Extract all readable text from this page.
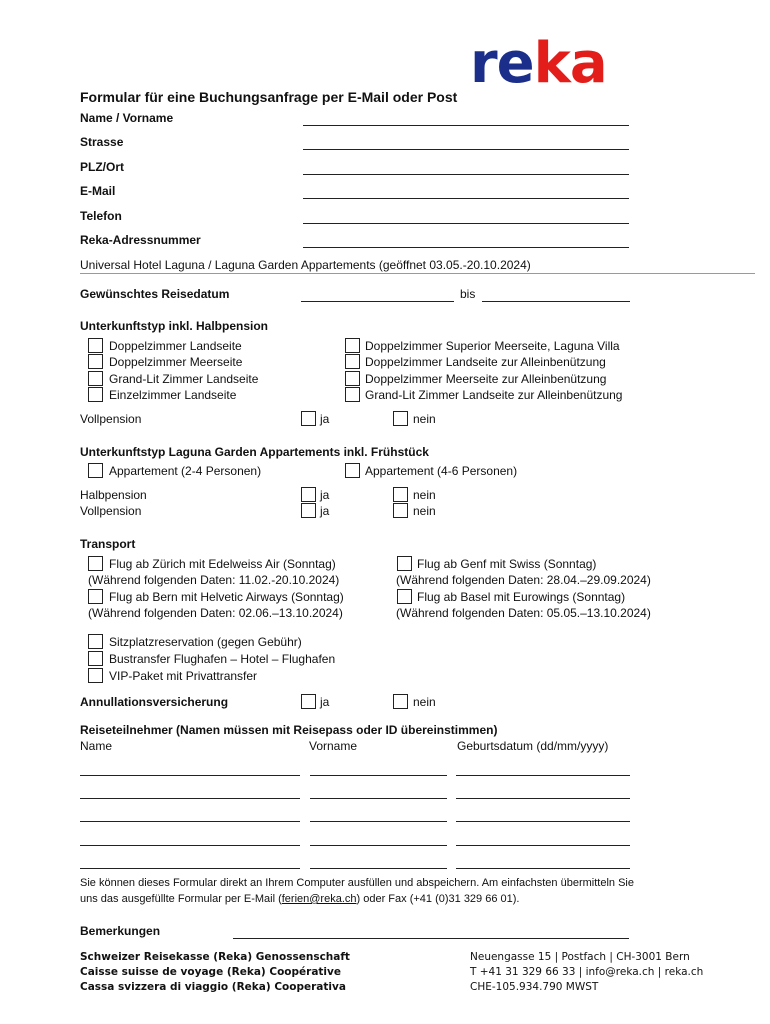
reka
Formular für eine Buchungsanfrage per E-Mail oder Post
Name / Vorname
Strasse
PLZ/Ort
E-Mail
Telefon
Reka-Adressnummer
Universal Hotel Laguna / Laguna Garden Appartements (geöffnet 03.05.-20.10.2024)
Gewünschtes Reisedatum	bis
Unterkunftstyp inkl. Halbpension
Doppelzimmer Landseite
Doppelzimmer Meerseite
Grand-Lit Zimmer Landseite
Einzelzimmer Landseite
Doppelzimmer Superior Meerseite, Laguna Villa
Doppelzimmer Landseite zur Alleinbenützung
Doppelzimmer Meerseite zur Alleinbenützung
Grand-Lit Zimmer Landseite zur Alleinbenützung
Vollpension	ja	nein
Unterkunftstyp Laguna Garden Appartements inkl. Frühstück
Appartement (2-4 Personen)	Appartement (4-6 Personen)
Halbpension	ja	nein
Vollpension	ja	nein
Transport
Flug ab Zürich mit Edelweiss Air (Sonntag)
(Während folgenden Daten: 11.02.-20.10.2024)
Flug ab Bern mit Helvetic Airways (Sonntag)
(Während folgenden Daten: 02.06.–13.10.2024)
Flug ab Genf mit Swiss (Sonntag)
(Während folgenden Daten: 28.04.–29.09.2024)
Flug ab Basel mit Eurowings (Sonntag)
(Während folgenden Daten: 05.05.–13.10.2024)
Sitzplatzreservation (gegen Gebühr)
Bustransfer Flughafen – Hotel – Flughafen
VIP-Paket mit Privattransfer
Annullationsversicherung	ja	nein
Reiseteilnehmer (Namen müssen mit Reisepass oder ID übereinstimmen)
Name	Vorname	Geburtsdatum (dd/mm/yyyy)
Sie können dieses Formular direkt an Ihrem Computer ausfüllen und abspeichern. Am einfachsten übermitteln Sie
uns das ausgefüllte Formular per E-Mail (ferien@reka.ch) oder Fax (+41 (0)31 329 66 01).
Bemerkungen
Schweizer Reisekasse (Reka) Genossenschaft
Caisse suisse de voyage (Reka) Coopérative
Cassa svizzera di viaggio (Reka) Cooperativa
Neuengasse 15 | Postfach | CH-3001 Bern
T +41 31 329 66 33 | info@reka.ch | reka.ch
CHE-105.934.790 MWST
